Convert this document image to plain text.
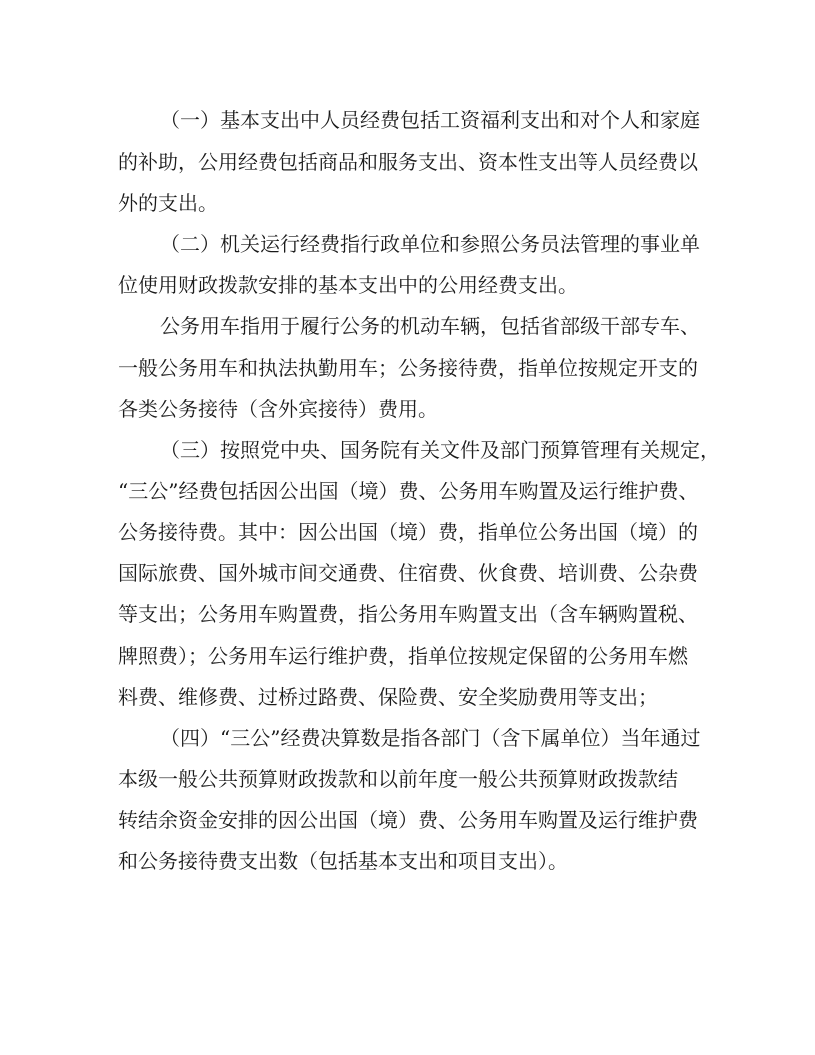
（一）基本支出中人员经费包括工资福利支出和对个人和家庭

的补助，公用经费包括商品和服务支出、资本性支出等人员经费以

外的支出。

（二）机关运行经费指行政单位和参照公务员法管理的事业单

位使用财政拨款安排的基本支出中的公用经费支出。

公务用车指用于履行公务的机动车辆，包括省部级干部专车、

一般公务用车和执法执勤用车；公务接待费，指单位按规定开支的

各类公务接待（含外宾接待）费用。

（三）按照党中央、国务院有关文件及部门预算管理有关规定，

“三公”经费包括因公出国（境）费、公务用车购置及运行维护费、

公务接待费。其中：因公出国（境）费，指单位公务出国（境）的

国际旅费、国外城市间交通费、住宿费、伙食费、培训费、公杂费

等支出；公务用车购置费，指公务用车购置支出（含车辆购置税、

牌照费）；公务用车运行维护费，指单位按规定保留的公务用车燃

料费、维修费、过桥过路费、保险费、安全奖励费用等支出；

（四）“三公”经费决算数是指各部门（含下属单位）当年通过

本级一般公共预算财政拨款和以前年度一般公共预算财政拨款结

转结余资金安排的因公出国（境）费、公务用车购置及运行维护费

和公务接待费支出数（包括基本支出和项目支出）。
